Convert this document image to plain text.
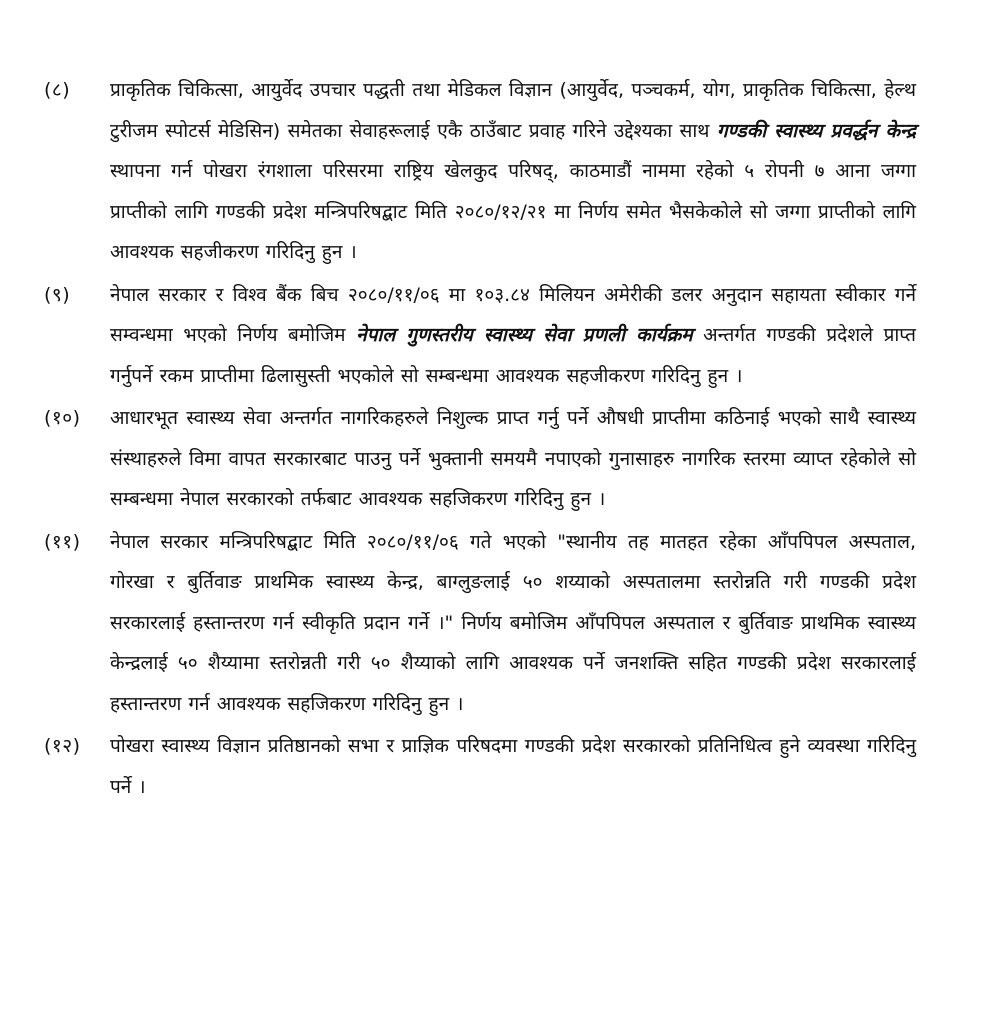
(८)	प्राकृतिक चिकित्सा, आयुर्वेद उपचार पद्धती तथा मेडिकल विज्ञान (आयुर्वेद, पञ्चकर्म, योग, प्राकृतिक चिकित्सा, हेल्थ टुरीजम स्पोटर्स मेडिसिन) समेतका सेवाहरूलाई एकै ठाउँबाट प्रवाह गरिने उद्देश्यका साथ गण्डकी स्वास्थ्य प्रवर्द्धन केन्द्र स्थापना गर्न पोखरा रंगशाला परिसरमा राष्ट्रिय खेलकुद परिषद्, काठमाडौं नाममा रहेको ५ रोपनी ७ आना जग्गा प्राप्तीको लागि गण्डकी प्रदेश मन्त्रिपरिषद्बाट मिति २०८०/१२/२१ मा निर्णय समेत भैसकेकोले सो जग्गा प्राप्तीको लागि आवश्यक सहजीकरण गरिदिनु हुन ।
(९)	नेपाल सरकार र विश्व बैंक बिच २०८०/११/०६ मा १०३.८४ मिलियन अमेरीकी डलर अनुदान सहायता स्वीकार गर्ने सम्वन्धमा भएको निर्णय बमोजिम नेपाल गुणस्तरीय स्वास्थ्य सेवा प्रणली कार्यक्रम अन्तर्गत गण्डकी प्रदेशले प्राप्त गर्नुपर्ने रकम प्राप्तीमा ढिलासुस्ती भएकोले सो सम्बन्धमा आवश्यक सहजीकरण गरिदिनु हुन ।
(१०)	आधारभूत स्वास्थ्य सेवा अन्तर्गत नागरिकहरुले निशुल्क प्राप्त गर्नु पर्ने औषधी प्राप्तीमा कठिनाई भएको साथै स्वास्थ्य संस्थाहरुले विमा वापत सरकारबाट पाउनु पर्ने भुक्तानी समयमै नपाएको गुनासाहरु नागरिक स्तरमा व्याप्त रहेकोले सो सम्बन्धमा नेपाल सरकारको तर्फबाट आवश्यक सहजिकरण गरिदिनु हुन ।
(११)	नेपाल सरकार मन्त्रिपरिषद्बाट मिति २०८०/११/०६ गते भएको "स्थानीय तह मातहत रहेका आँपपिपल अस्पताल, गोरखा र बुर्तिवाङ प्राथमिक स्वास्थ्य केन्द्र, बाग्लुङलाई ५० शय्याको अस्पतालमा स्तरोन्नति गरी गण्डकी प्रदेश सरकारलाई हस्तान्तरण गर्न स्वीकृति प्रदान गर्ने ।" निर्णय बमोजिम आँपपिपल अस्पताल र बुर्तिवाङ प्राथमिक स्वास्थ्य केन्द्रलाई ५० शैय्यामा स्तरोन्नती गरी ५० शैय्याको लागि आवश्यक पर्ने जनशक्ति सहित गण्डकी प्रदेश सरकारलाई हस्तान्तरण गर्न आवश्यक सहजिकरण गरिदिनु हुन ।
(१२)	पोखरा स्वास्थ्य विज्ञान प्रतिष्ठानको सभा र प्राज्ञिक परिषदमा गण्डकी प्रदेश सरकारको प्रतिनिधित्व हुने व्यवस्था गरिदिनु पर्ने ।
